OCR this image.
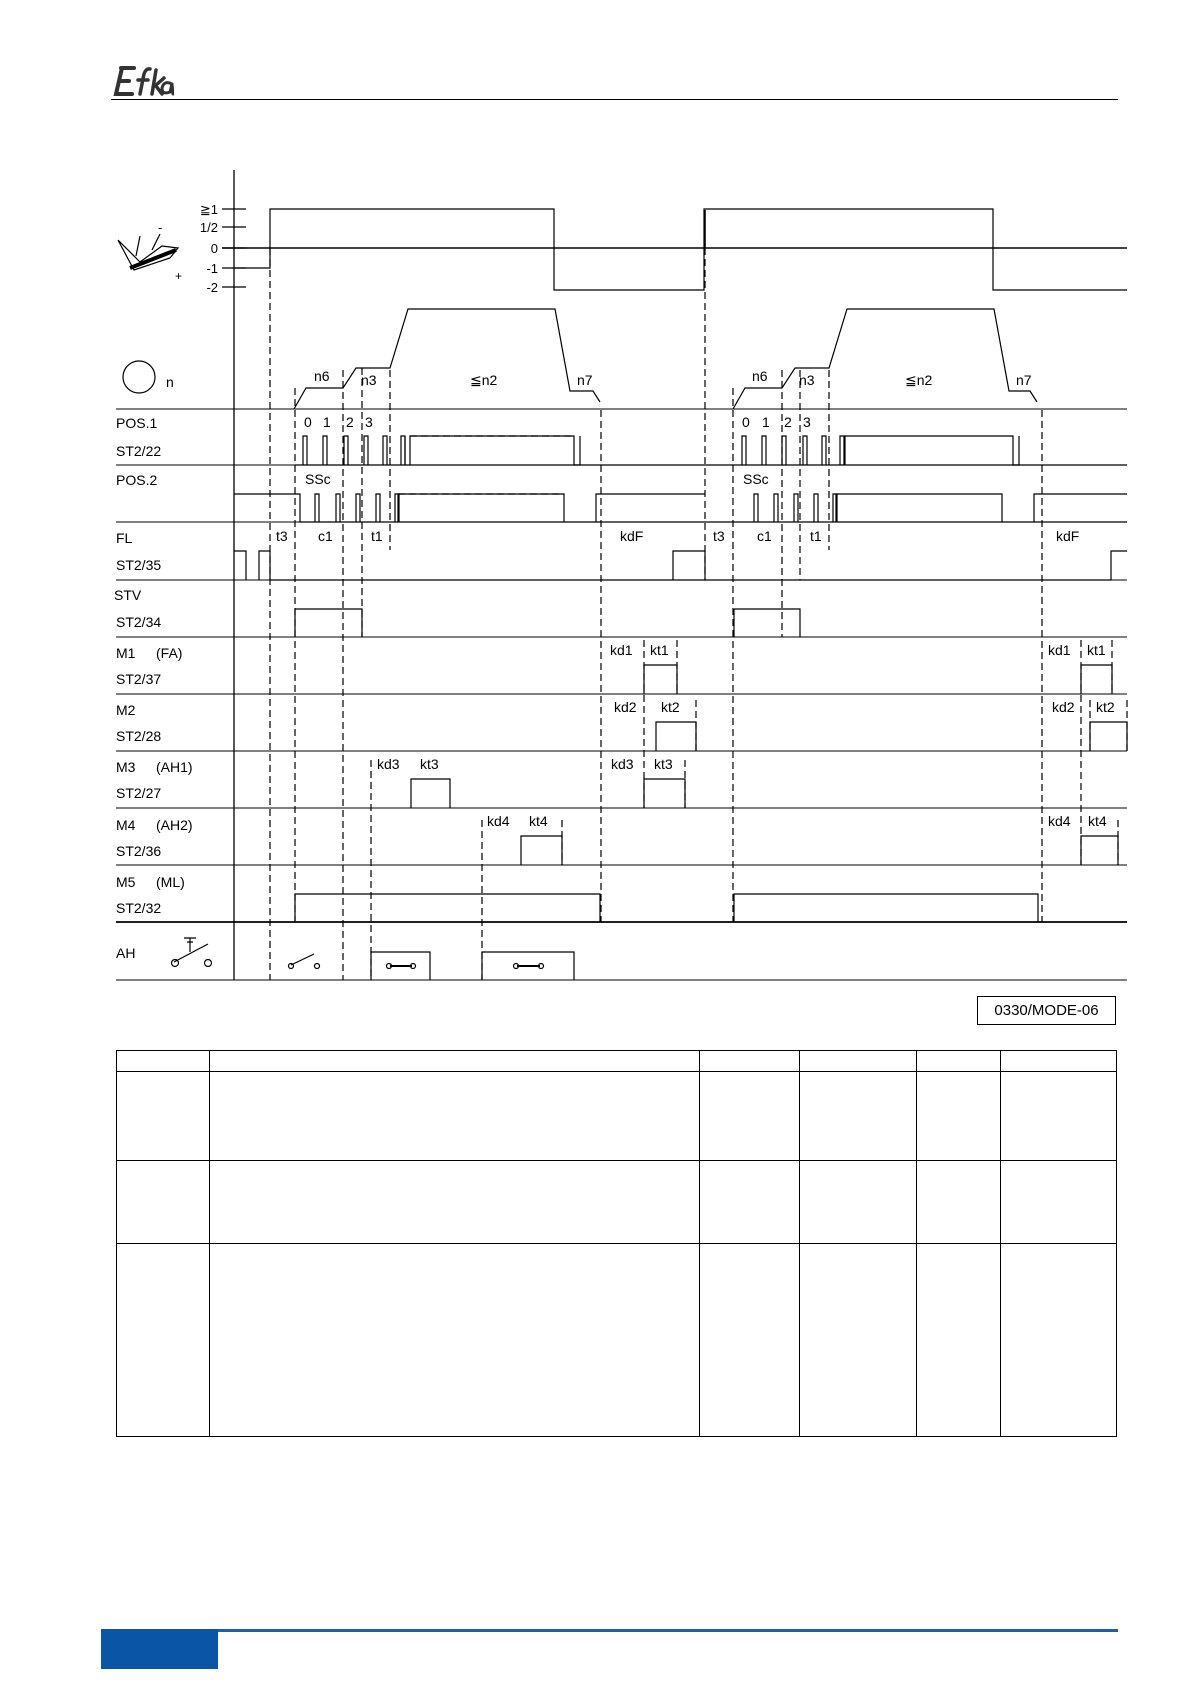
≧1
1/2
0
-1
-2
-
+
n
POS.1
ST2/22
POS.2
FL
ST2/35
STV
ST2/34
M1 (FA)
ST2/37
M2
ST2/28
M3 (AH1)
ST2/27
M4 (AH2)
ST2/36
M5 (ML)
ST2/32
AH
n6 n3	≦n2	n7	n6 n3	≦n2	n7
0 1 2 3	0 1 2 3
SSc	SSc
t3 c1	t1	kdF	t3 c1	t1	kdF
kd1 kt1	kd1 kt1
kd2 kt2	kd2 kt2
kd3 kt3	kd3 kt3
kd4 kt4	kd4 kt4
0330/MODE-06
